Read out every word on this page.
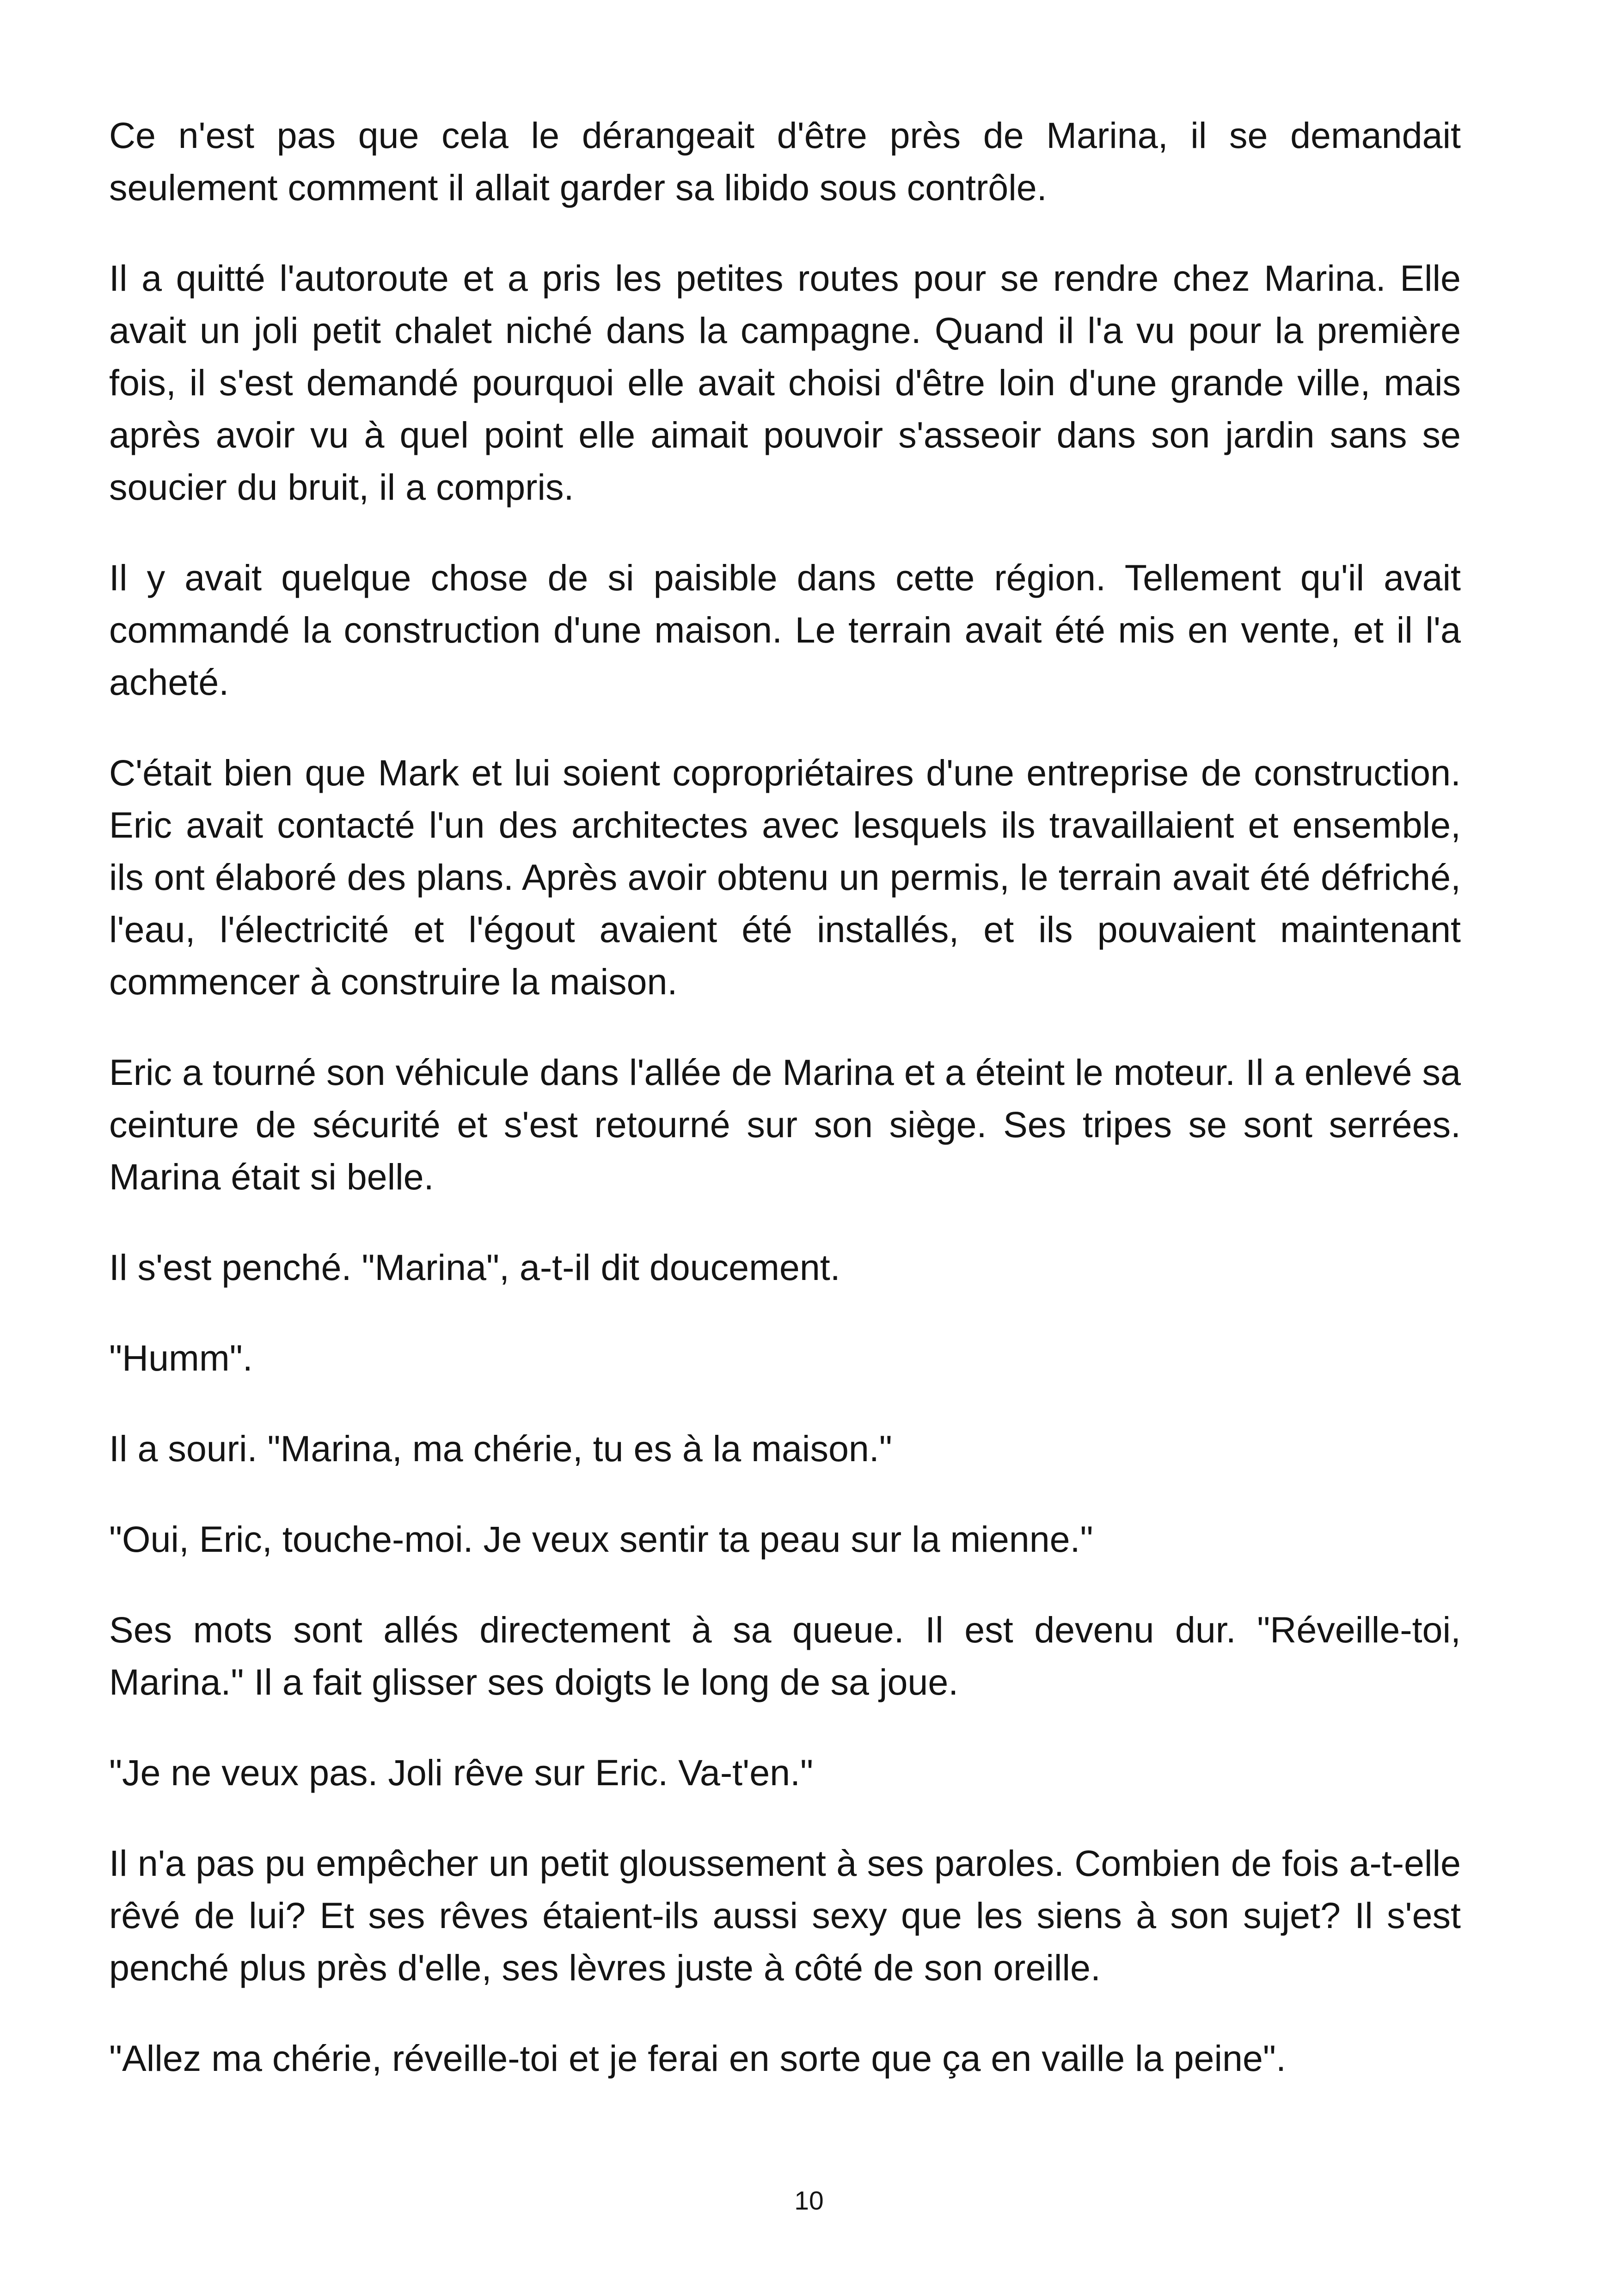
Ce n'est pas que cela le dérangeait d'être près de Marina, il se demandait seulement comment il allait garder sa libido sous contrôle.

Il a quitté l'autoroute et a pris les petites routes pour se rendre chez Marina. Elle avait un joli petit chalet niché dans la campagne. Quand il l'a vu pour la première fois, il s'est demandé pourquoi elle avait choisi d'être loin d'une grande ville, mais après avoir vu à quel point elle aimait pouvoir s'asseoir dans son jardin sans se soucier du bruit, il a compris.

Il y avait quelque chose de si paisible dans cette région. Tellement qu'il avait commandé la construction d'une maison. Le terrain avait été mis en vente, et il l'a acheté.

C'était bien que Mark et lui soient copropriétaires d'une entreprise de construction. Eric avait contacté l'un des architectes avec lesquels ils travaillaient et ensemble, ils ont élaboré des plans. Après avoir obtenu un permis, le terrain avait été défriché, l'eau, l'électricité et l'égout avaient été installés, et ils pouvaient maintenant commencer à construire la maison.

Eric a tourné son véhicule dans l'allée de Marina et a éteint le moteur. Il a enlevé sa ceinture de sécurité et s'est retourné sur son siège. Ses tripes se sont serrées. Marina était si belle.

Il s'est penché. "Marina", a-t-il dit doucement.

"Humm".

Il a souri. "Marina, ma chérie, tu es à la maison."

"Oui, Eric, touche-moi. Je veux sentir ta peau sur la mienne."

Ses mots sont allés directement à sa queue. Il est devenu dur. "Réveille-toi, Marina." Il a fait glisser ses doigts le long de sa joue.

"Je ne veux pas. Joli rêve sur Eric. Va-t'en."

Il n'a pas pu empêcher un petit gloussement à ses paroles. Combien de fois a-t-elle rêvé de lui? Et ses rêves étaient-ils aussi sexy que les siens à son sujet? Il s'est penché plus près d'elle, ses lèvres juste à côté de son oreille.

"Allez ma chérie, réveille-toi et je ferai en sorte que ça en vaille la peine".

10
